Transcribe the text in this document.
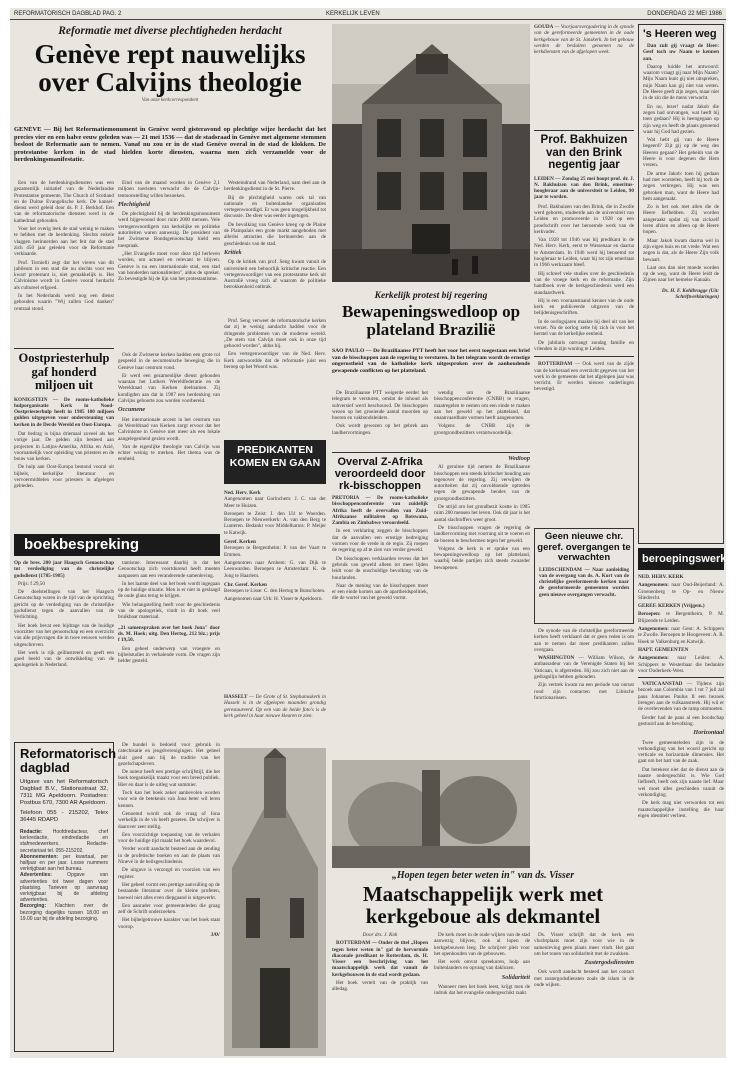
REFORMATORISCH DAGBLAD PAG. 2	KERKELIJK LEVEN	DONDERDAG 22 MEI 1986
Reformatie met diverse plechtigheden herdacht
Genève rept nauwelijks over Calvijns theologie
Van onze kerkcorrespondent
GENÈVE — Bij het Reformatiemonument in Genève werd gisteravond op plechtige wijze herdacht dat het precies vier en een halve eeuw geleden was — 21 mei 1536 — dat de stadsraad in Genève met algemene stemmen besloot de Reformatie aan te nemen. Vanaf nu zou er in de stad Genève overal in de stad de klokken. De protestantse kerken in de stad hielden korte diensten, waarna men zich verzamelde voor de herdenkingsmanifestatie.

Een van de herdenkingsdiensten was een gezamenlijk initiatief van de Nederlandse Protestantse gemeente, The Church of Scotland en de Duitse Evangelische kerk. De kansel-dienst werd geleid door ds. P. J. Berkhof. Een van de reformatorische diensten werd in de kathedraal gehouden.

Voor het overig leek de stad weinig te maken te hebben met de herdenking. Slechts enkele vlaggen herinnerden aan het feit dat de stad zich 450 jaar geleden voor de Reformatie verklaarde.

Prof. Tornielli zegt dat het vieren van dit jubileum in een stad die nu slechts voor een kwart protestant is, niet gemakkelijk is. Het Calvinisme wordt in Genève vooral herdacht als cultureel erfgoed.

In het Nederlands werd nog een dienst gehouden waarin "Wij zullen God danken" centraal stond.

Eind van de maand worden in Genève 2,1 miljoen toeristen verwacht die de Calvijn-tentoonstelling willen bezoeken.

Plechtigheid

De plechtigheid bij de herdenkingsmonument werd bijgewoond door ruim 2000 mensen. Vele vertegenwoordigers van kerkelijke en politieke autoriteiten waren aanwezig. De president van het Zwitserse Bondsgenootschap hield een toespraak.

„Het Evangelie moet voor deze tijd herleven worden, om actueel en relevant te blijven. Genève is nu een internationale stad, een stad van honderden nationaliteiten", aldus de spreker. Zo bevestigde hij de lijn van het protestantisme.

Westeindrand van Nederland, nam deel aan de herdenkingsdienst in de St. Pierre.

Bij de plechtigheid waren ook tal van nationale en buitenlandse organisaties vertegenwoordigd. Er was geen mogelijkheid tot discussie. De sfeer was eerder ingetogen.

De bevolking van Genève kreeg op de Plaine de Plainpalais een grote markt aangeboden met allerlei attracties die herinnerden aan de geschiedenis van de stad.

Kritiek

Op de kritiek van prof. Seng kwam vanuit de universiteit een behoorlijk kritische reactie. Een vertegenwoordiger van een protestantse kerk uit Australië vroeg zich af waarom de politieke betrokkenheid ontbrak.

Oostpriesterhulp gaf honderd miljoen uit
KONIGSTEIN — De rooms-katholieke hulporganisatie Kerk in Nood-Oostpriesterhulp heeft in 1985 100 miljoen gulden uitgegeven voor ondersteuning van kerken in de Derde Wereld en Oost-Europa.

Dat bedrag is bijna driemaal zoveel als het vorige jaar. De gelden zijn besteed aan projecten in Latijns-Amerika, Afrika en Azië, voornamelijk voor opleiding van priesters en de bouw van kerken.

De hulp aan Oost-Europa bestond vooral uit bijbels, kerkelijke literatuur en vervoermiddelen voor priesters in afgelegen gebieden.

Ook de Zwitserse kerken hadden een grote rol gespeeld in de oecumenische beweging die in Genève haar centrum vond.

Er werd een gezamenlijke dienst gehouden waaraan het Luthers Wereldfederatie en de Wereldraad van Kerken deelnamen. Zij kondigden aan dat in 1987 een herdenking van Calvijns geboorte zou worden voorbereid.

Occumene

Het internationale accent in het centrum van de Wereldraad van Kerken zorgt ervoor dat het Calvinisme in Genève niet meer als een lokale aangelegenheid gezien wordt.

Van de eigenlijke theologie van Calvijn was echter weinig te merken. Het thema was de eenheid.

Prof. Seng verweet de reformatorische kerken dat zij te weinig aandacht hadden voor de dringende problemen van de moderne wereld. „De stem van Calvijn moet ook in onze tijd gehoord worden", aldus hij.

Een vertegenwoordiger van de Ned. Herv. Kerk antwoordde dat de reformatie juist een beroep op het Woord was.

PREDIKANTEN KOMEN EN GAAN
Ned. Herv. Kerk

Aangenomen naar Gorinchem: J. C. van der Meer te Huizen.

Beroepen te Zeist: J. den Uil te Woerden. Beroepen te Nieuwerkerk: A. van den Berg te Lunteren. Bedankt voor Middelharnis: P. Meijer te Katwijk.

Geref. Kerken

Beroepen te Bergentheim: P. van der Vaart te Emmen.

Aangenomen naar Arnhem: G. van Dijk te Leeuwarden. Beroepen te Amsterdam: K. de Jong te Haarlem.

Chr. Geref. Kerken

Beroepen te Lisse: C. den Hertog te Bunschoten.

Aangenomen naar Urk: H. Visser te Apeldoorn.

boekbespreking

Op de bres. 200 jaar Haagsch Genootschap tot verdediging van de christelijke godsdienst (1785-1985)

Prijs: f 29,50

De doelstellingen van het Haagsch Genootschap waren in de tijd van de oprichting gericht op de verdediging van de christelijke godsdienst tegen de aanvallen van de Verlichting.

Het boek bevat een bijdrage van de huidige voorzitter van het genootschap en een overzicht van alle prijsvragen die in twee eeuwen werden uitgeschreven.

Het werk is rijk geïllustreerd en geeft een goed beeld van de ontwikkeling van de apologetiek in Nederland.

tantisme. Interessant daarbij is dat het Genootschap zich voortdurend heeft moeten aanpassen aan een veranderende samenleving.

In het laatste deel van het boek wordt ingegaan op de huidige situatie. Men is er niet in geslaagd de oude glans terug te krijgen.

Wie belangstelling heeft voor de geschiedenis van de apologetiek, vindt in dit boek veel bruikbaar materiaal.

„21 samenspraken over het boek Jona" door ds. M. Hoek; uitg. Den Hertog, 212 blz.; prijs f 19,50.

Een geheel onderwerp van vroegere en bijbelstudies in verhalende vorm. De vragen zijn helder gesteld.

Reformatorisch dagblad

Uitgave van het Reformatorisch Dagblad B.V., Stationsstraat 32, 7311 MG Apeldoorn. Postadres: Postbus 670, 7300 AR Apeldoorn.

Telefoon 055 - 215202, Telex 36445 RDAPD

Redactie: Hoofdredacteur, chef kerkredactie, eindredactie en stafmedewerkers. Redactie-secretariaat tel. 055-215202.

Abonnementen: per kwartaal, per halfjaar en per jaar. Losse nummers verkrijgbaar aan het bureau.

Advertenties: Opgave van advertenties tot twee dagen voor plaatsing. Tarieven op aanvraag verkrijgbaar bij de afdeling advertenties.

Bezorging: Klachten over de bezorging dagelijks tussen 18.00 en 19.00 uur bij de afdeling bezorging.

De bundel is bedoeld voor gebruik in catechisatie en jeugdverenigingen. Het geheel sluit goed aan bij de traditie van het gezelschapsleven.

De auteur heeft een prettige schrijfstijl, die het boek toegankelijk maakt voor een breed publiek. Hier en daar is de uitleg wat summier.

Toch kan het boek zeker aanbevolen worden voor wie de betekenis van Jona beter wil leren kennen.

Genoemd wordt ook de vraag of Jona werkelijk in de vis heeft gezeten. De schrijver is daarover zeer stellig.

Een voorzichtige toepassing van de verhalen voor de huidige tijd maakt het boek waardevol.

Verder wordt aandacht besteed aan de zending in de profetische boeken en aan de plaats van Ninevé in de heilsgeschiedenis.

De uitgave is verzorgd en voorzien van een register.

Het geheel vormt een prettige aanvulling op de bestaande literatuur over de kleine profeten, hoewel niet alles even diepgaand is uitgewerkt.

Een aanrader voor gemeenteleden die graag zelf de Schrift onderzoeken.

Het bijbelgetrouwe karakter van het boek staat voorop.

JAV

GOUDA — Voorjaarsvergadering in de synode van de gereformeerde gemeenten in de oude kerkgebouw van de St. Janskerk. In het gebouw werden de besluiten genomen na de kerkdiensten van de afgelopen week.
Prof. Bakhuizen van den Brink negentig jaar
LEIDEN — Zondag 25 mei hoopt prof. dr. J. N. Bakhuizen van den Brink, emeritus-hoogleraar aan de universiteit te Leiden, 90 jaar te worden.

Prof. Bakhuizen van den Brink, die in Zwolle werd geboren, studeerde aan de universiteit van Leiden en promoveerde in 1928 op een proefschrift over het beroemde werk van de kerkvader.

Van 1928 tot 1946 was hij predikant in de Ned. Herv. Kerk, eerst te Wassenaar en daarna te Amsterdam. In 1946 werd hij benoemd tot hoogleraar te Leiden, waar hij tot zijn emeritaat in 1966 werkzaam bleef.

Hij schreef vele studies over de geschiedenis van de vroege kerk en de reformatie. Zijn handboek over de kerkgeschiedenis werd een standaardwerk.

Hij is een vooraanstaand kenner van de oude kerk en publiceerde uitgaven van de belijdenisgeschriften.

In de oorlogsjaren maakte hij deel uit van het verzet. Na de oorlog zette hij zich in voor het herstel van de kerkelijke eenheid.

De jubilaris ontvangt zondag familie en vrienden in zijn woning te Leiden.

ROTTERDAM — Ook werd van de zijde van de kerkeraad een overzicht gegeven van het werk in de gemeente dat het afgelopen jaar was verricht. Er werden nieuwe ouderlingen bevestigd.

's Heeren weg

Dan zult gij vraagt de Heer: Geef toch uw Naam te kennen aan.

Daarop luidde het antwoord: waarom vraagt gij naar Mijn Naam? Mijn Naam kunt gij niet uitspreken, mijn Naam kan gij niet van weten. De Heere geeft zijn zegen, maar niet in de zin die de mens verwacht.

En nu, lezer! nadat Jakob die zegen had ontvangen, wat heeft hij toen gedaan? Hij is heengegaan op zijn weg en heeft de plaats genoemd waar hij God had gezien.

Wat hebt gij van de Heere begeerd? Zijt gij op de weg des Heeren gegaan? Het geheim van de Heere is voor degenen die Hem vrezen.

De arme Jakob: toen hij gedaan had met worstelen, heeft hij toch de zegen verkregen. Hij was een gebroken man, want de Heere had hem aangeraakt.

Zo is het ook met allen die de Heere liefhebben. Zij worden aangeraakt opdat zij van zichzelf leren afzien en alleen op de Heere hopen.

Maar Jakob kwam daarna wel in zijn eigen huis en tot vrede. Wat een zegen is dat, als de Heere Zijn volk bewaart.

Laat ons dan niet moede worden op de weg, want de Heere leidt de Zijnen naar het hemelse Kanaän.

Ds. H. F. Kohlbrugge (Uit: Schriftverklaringen)
Kerkelijk protest bij regering
Bewapeningswedloop op plateland Brazilië
SAO PAULO — De Braziliaanse PTT heeft het voor het eerst toegestaan een brief van de bisschoppen aan de regering te versturen. In het telegram wordt de ernstige ongerustheid van de katholieke kerk uitgesproken over de aanhoudende gewapende conflicten op het platteland.

De Braziliaanse PTT weigerde eerder het telegram te versturen, omdat de inhoud als subversief werd beschouwd. De bisschoppen wezen op het groeiende aantal moorden op boeren en vakbondsleiders.

Ook wordt gewezen op het gebrek aan landhervormingen.

wendig om de Braziliaanse bisschoppenconferentie (CNBB) te vragen, maatregelen te nemen om een einde te maken aan het geweld op het platteland, dat onaanvaardbare vormen heeft aangenomen.

Volgens de CNBB zijn de grootgrondbezitters verantwoordelijk.

Overval Z-Afrika veroordeeld door rk-bisschoppen
PRETORIA — De rooms-katholieke bisschoppenconferentie van zuidelijk Afrika heeft de overvallen van Zuid-Afrikaanse militairen op Botswana, Zambia en Zimbabwe veroordeeld.

In een verklaring zeggen de bisschoppen dat de aanvallen een ernstige bedreiging vormen voor de vrede in de regio. Zij roepen de regering op af te zien van verder geweld.

De bisschoppen verklaarden tevens dat het gebruik van geweld alleen tot meer lijden leidt voor de onschuldige bevolking van de buurlanden.

Naar de mening van de bisschoppen moet er een einde komen aan de apartheidspolitiek, die de wortel van het geweld vormt.

Wedloop

Al geruime tijd nemen de Braziliaanse bisschoppen een steeds kritischer houding aan tegenover de regering. Zij verwijten de autoriteiten dat zij onvoldoende optreden tegen de gewapende bendes van de grootgrondbezitters.

De strijd om het grondbezit kostte in 1985 ruim 200 mensen het leven. Ook dit jaar is het aantal slachtoffers weer groot.

De bisschoppen vragen de regering de landhervorming met voorrang uit te voeren en de boeren te beschermen tegen het geweld.

Volgens de kerk is er sprake van een bewapeningswedloop op het platteland, waarbij beide partijen zich steeds zwaarder bewapenen.

Geen nieuwe chr. geref. overgangen te verwachten
LEIDSCHENDAM — Naar aanleiding van de overgang van ds. A. Kort van de christelijke gereformeerde kerken naar de gereformeerde gemeenten worden geen nieuwe overgangen verwacht.

De synode van de christelijke gereformeerde kerken heeft verklaard dat er geen reden is om aan te nemen dat meer predikanten zullen overgaan.

WASHINGTON — William Wilson, de ambassadeur van de Verenigde Staten bij het Vaticaan, is afgetreden. Hij zou zich niet aan de gedragslijn hebben gehouden.

Zijn vertrek kwam na een periode van onrust rond zijn contacten met Libische functionarissen.

beroepingswerk

NED. HERV. KERK

Aangenomen: naar Oud-Beijerland: A. Groenenberg te Op- en Nieuw Sliedrecht.

GEREF. KERKEN (Vrijgem.)

Beroepen: te Bergentheim, P. M. Blijzende te Leiden.

Aangenomen: naar Gent: A. Schippers te Zwolle. Beroepen te Hoogeveen: A. R. Hoek te Valkenburg en Katwijk.

HAPT. GEMEENTEN

Aangenomen: naar Leiden: A. Schippers te Westerhaar die bedankte voor Ouderkerk-West.

VATICAANSTAD — Tijdens zijn bezoek aan Colombia van 1 tot 7 juli zal paus Johannes Paulus II een bezoek brengen aan de vulkaanstreek. Hij wil er de overlevenden van de ramp ontmoeten.

Eerder had de paus al een boodschap gestuurd aan de bevolking.

Horizontaal

Twee gemeenteleden zijn in de verkondiging van het woord gericht op verticale en horizontale dimensies. Het gaat om het hart van de zaak.

Dat betekent niet dat de dienst aan de naaste ondergeschikt is. Wie God liefheeft, heeft ook zijn naaste lief. Maar wel moet alles geschieden vanuit de verkondiging.

De kerk mag niet verworden tot een maatschappelijke instelling die haar eigen identiteit verliest.

HASSELT — De Grote of St. Stephanuskerk in Hasselt is in de afgelopen maanden grondig gerestaureerd. Op een van de beide foto's is de kerk geheel in haar nieuwe kleuren te zien.
„Hopen tegen beter weten in" van ds. Visser
Maatschappelijk werk met kerkgeboue als dekmantel

Door drs. J. Kok

ROTTERDAM — Onder de titel „Hopen tegen beter weten in" gaf de hervormde diaconale predikant te Rotterdam, ds. H. Visser een beschrijving van het maatschappelijk werk dat vanuit de kerkgebouwen in de stad wordt gedaan.

Het boek vertelt van de praktijk van alledag.

De kerk moet in de oude wijken van de stad aanwezig blijven, ook al lopen de kerkgebouwen leeg. De schrijver pleit voor het openhouden van de gebouwen.

Het werk omvat spreekuren, hulp aan buitenlanders en opvang van daklozen.

Solidariteit

Wanneer men het boek leest, krijgt men de indruk dat het evangelie ondergeschikt raakt.

Ds. Visser schrijft dat de kerk een vluchtplaats moet zijn voor wie in de samenleving geen plaats meer vindt. Het gaat om het tonen van solidariteit met de zwakken.

Zustergodsdiensten

Ook wordt aandacht besteed aan het contact met zustergodsdiensten zoals de islam in de oude wijken.
